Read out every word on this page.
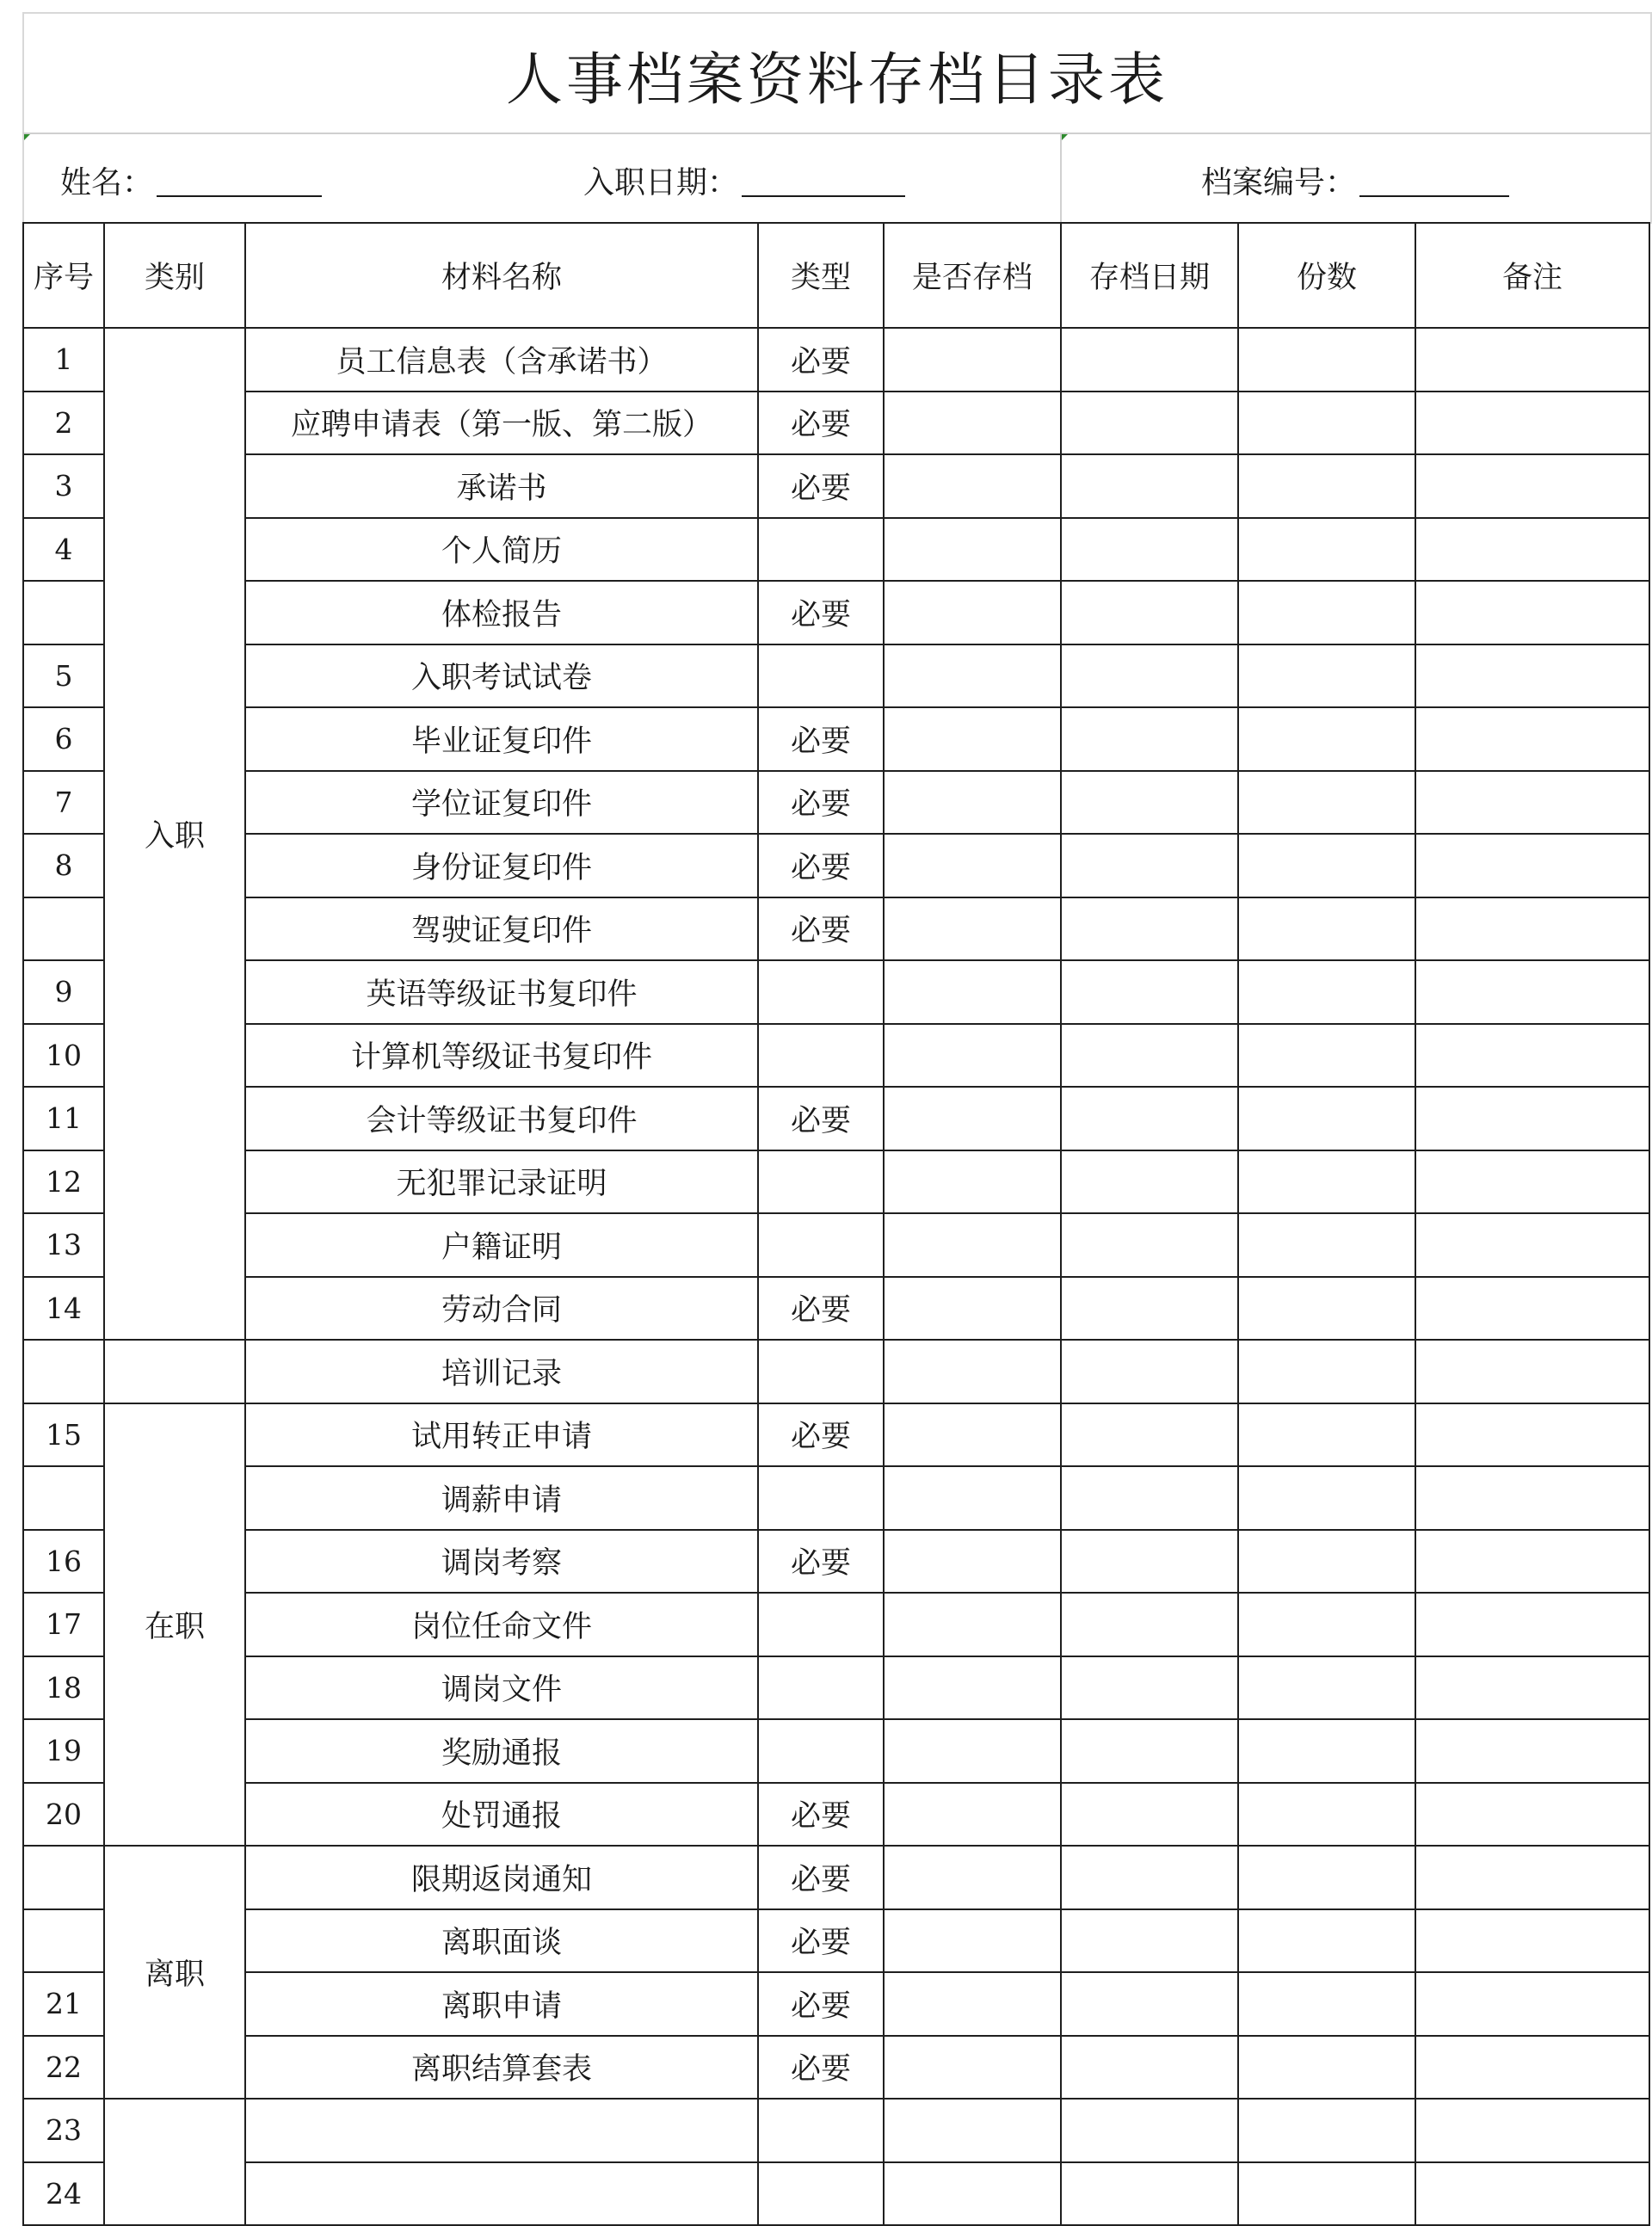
人事档案资料存档目录表
姓名：	入职日期：	档案编号：
序号	类别	材料名称	类型	是否存档	存档日期	份数	备注
1	入职	员工信息表（含承诺书）	必要				
2		应聘申请表（第一版、第二版）	必要				
3		承诺书	必要				
4		个人简历					
		体检报告	必要				
5		入职考试试卷					
6		毕业证复印件	必要				
7		学位证复印件	必要				
8		身份证复印件	必要				
		驾驶证复印件	必要				
9		英语等级证书复印件					
10		计算机等级证书复印件					
11		会计等级证书复印件	必要				
12		无犯罪记录证明					
13		户籍证明					
14		劳动合同	必要				
		培训记录					
15	在职	试用转正申请	必要				
		调薪申请					
16		调岗考察	必要				
17		岗位任命文件					
18		调岗文件					
19		奖励通报					
20		处罚通报	必要				
	离职	限期返岗通知	必要				
		离职面谈	必要				
21		离职申请	必要				
22		离职结算套表	必要				
23							
24							
